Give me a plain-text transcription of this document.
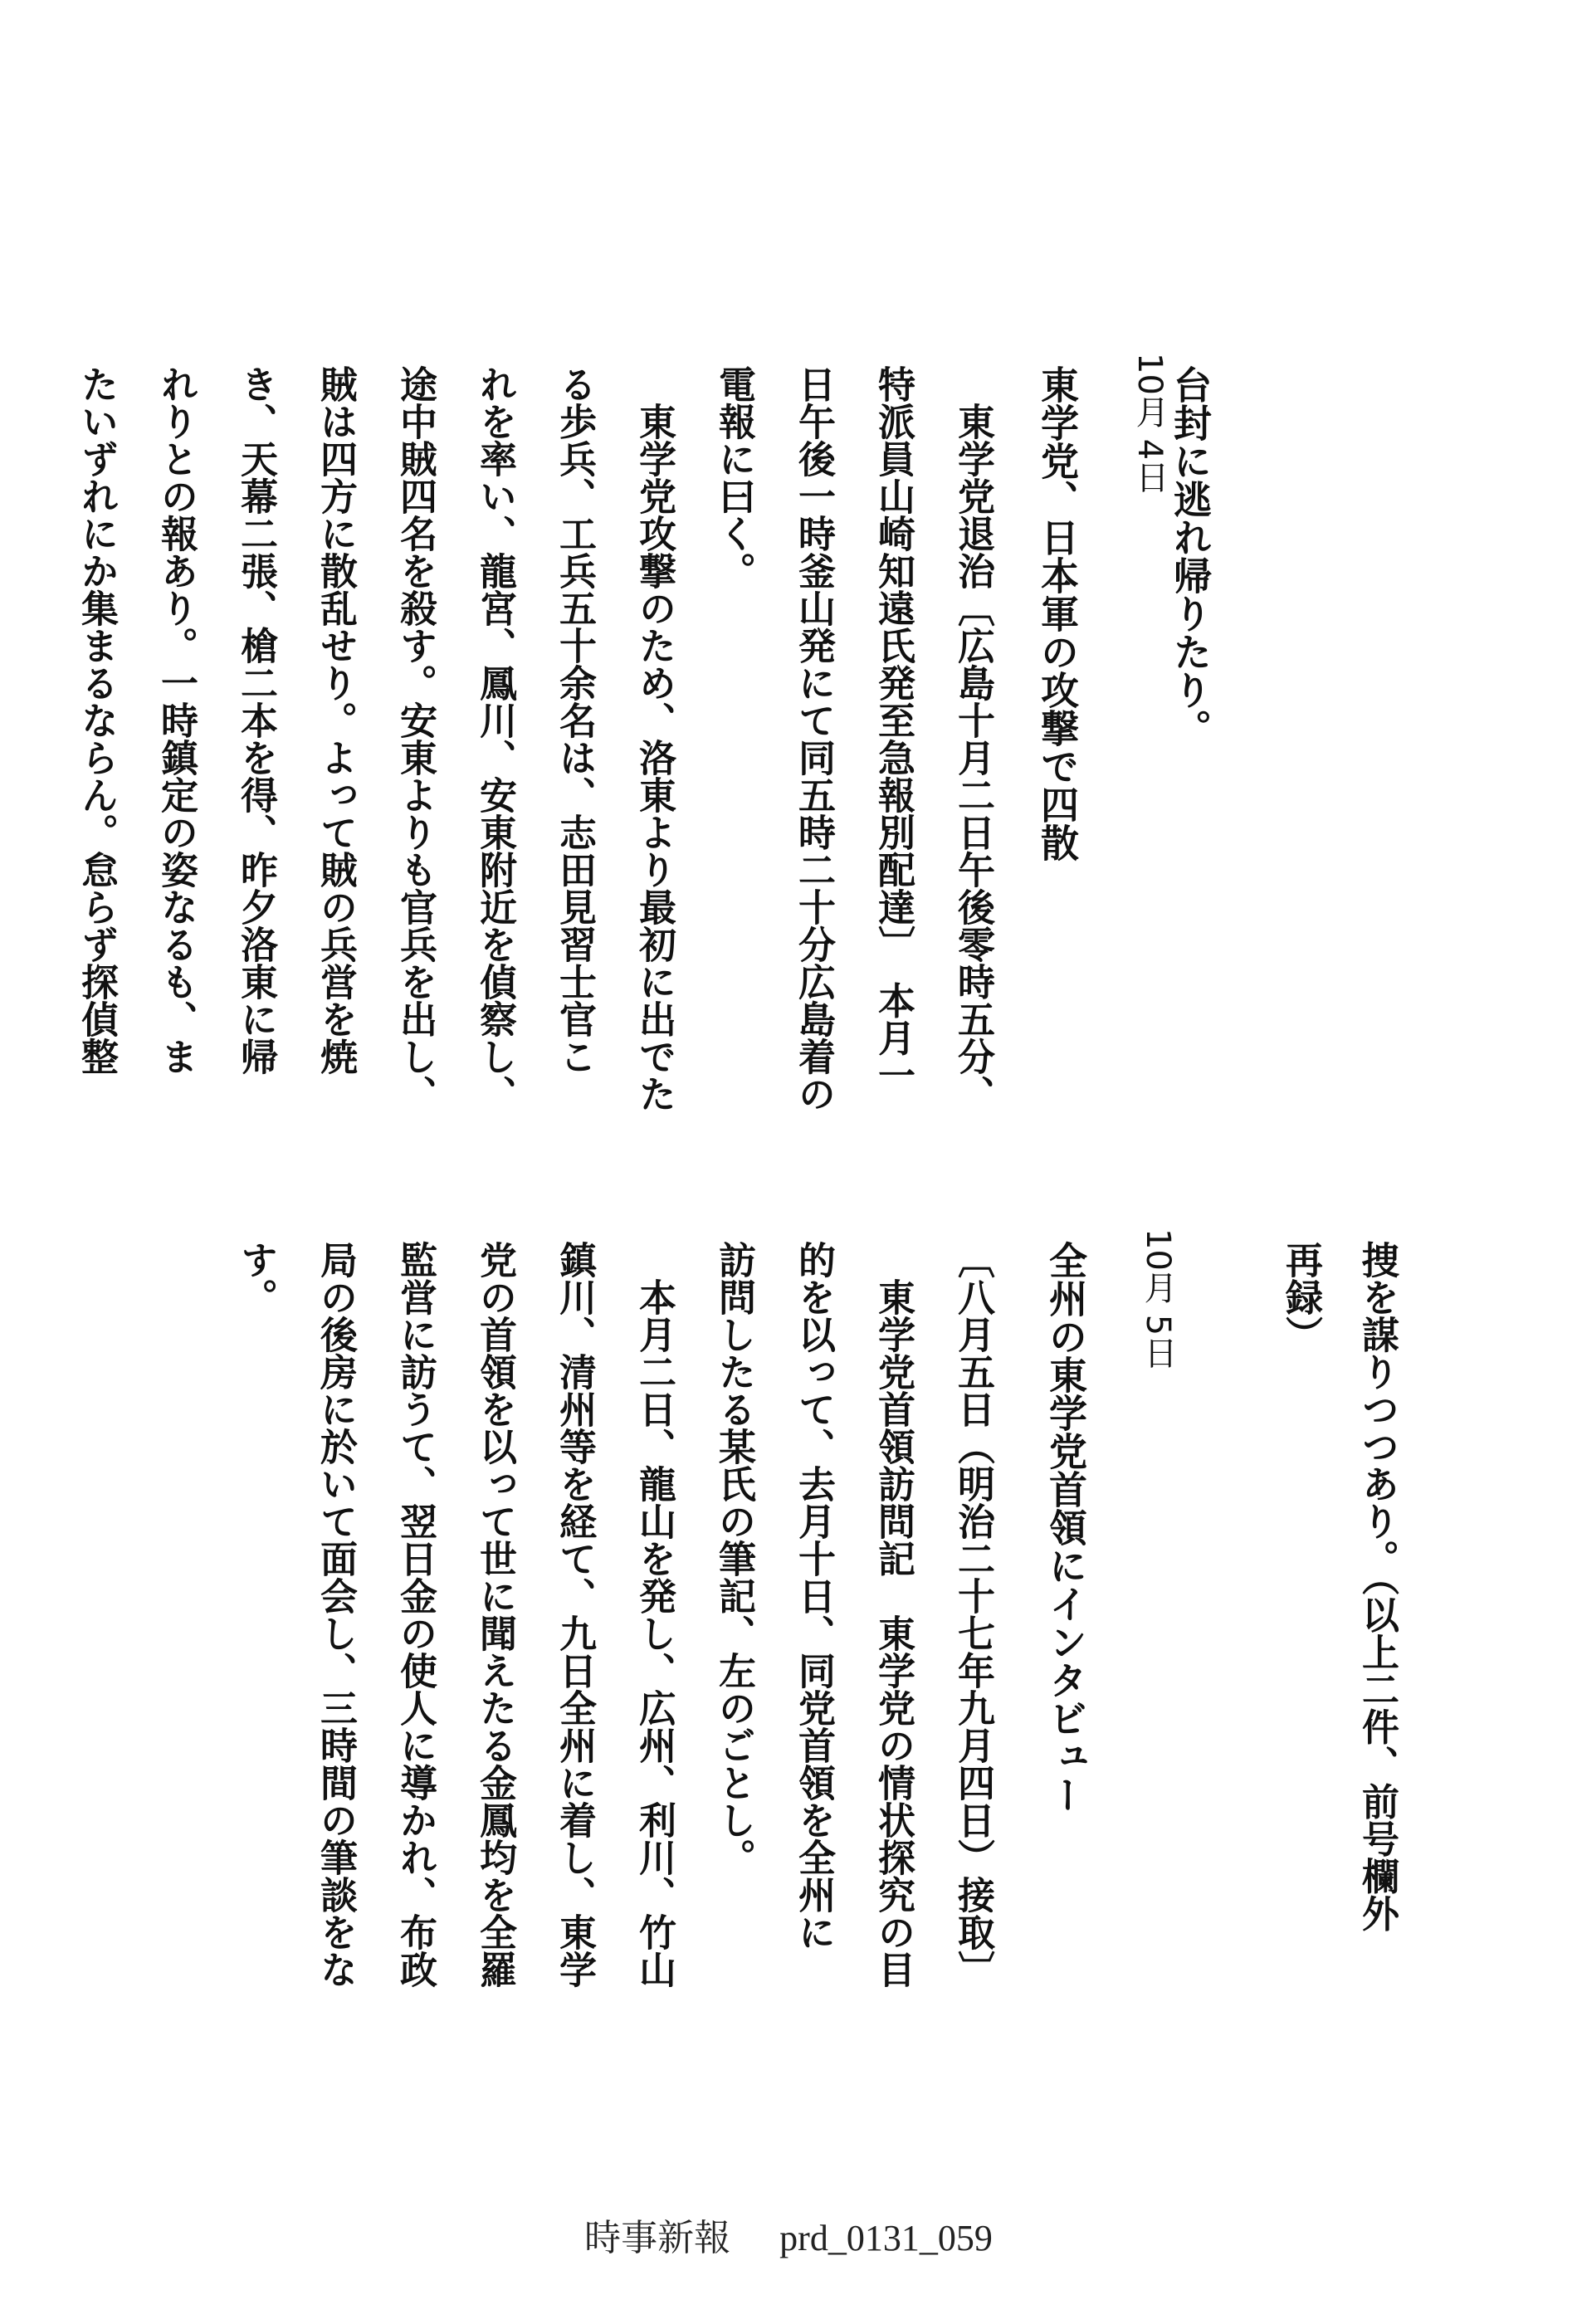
台封に逃れ帰りたり。
10月 4日
東学党、日本軍の攻撃で四散
　東学党退治〔広島十月二日午後零時五分、
特派員山崎知遠氏発至急報別配達〕　本月一
日午後一時釜山発にて同五時二十分広島着の
電報に曰く。
　東学党攻撃のため、洛東より最初に出でた
る歩兵、工兵五十余名は、志田見習士官こ
れを率い、龍宮、鳳川、安東附近を偵察し、
途中賊四名を殺す。安東よりも官兵を出し、
賊は四方に散乱せり。よって賊の兵営を焼
き、天幕二張、槍二本を得、昨夕洛東に帰
れりとの報あり。一時鎮定の姿なるも、ま
たいずれにか集まるならん。怠らず探偵整
捜を謀りつつあり。（以上二件、前号欄外
再録）
10月 5日
全州の東学党首領にインタビュー
〔八月五日（明治二十七年九月四日）接取〕
　東学党首領訪問記　東学党の情状探究の目
的を以って、去月十日、同党首領を全州に
訪問したる某氏の筆記、左のごとし。
　本月二日、龍山を発し、広州、利川、竹山
鎮川、清州等を経て、九日全州に着し、東学
党の首領を以って世に聞えたる金鳳均を全羅
監営に訪うて、翌日金の使人に導かれ、布政
局の後房に於いて面会し、三時間の筆談をな
す。
時事新報 prd_0131_059
